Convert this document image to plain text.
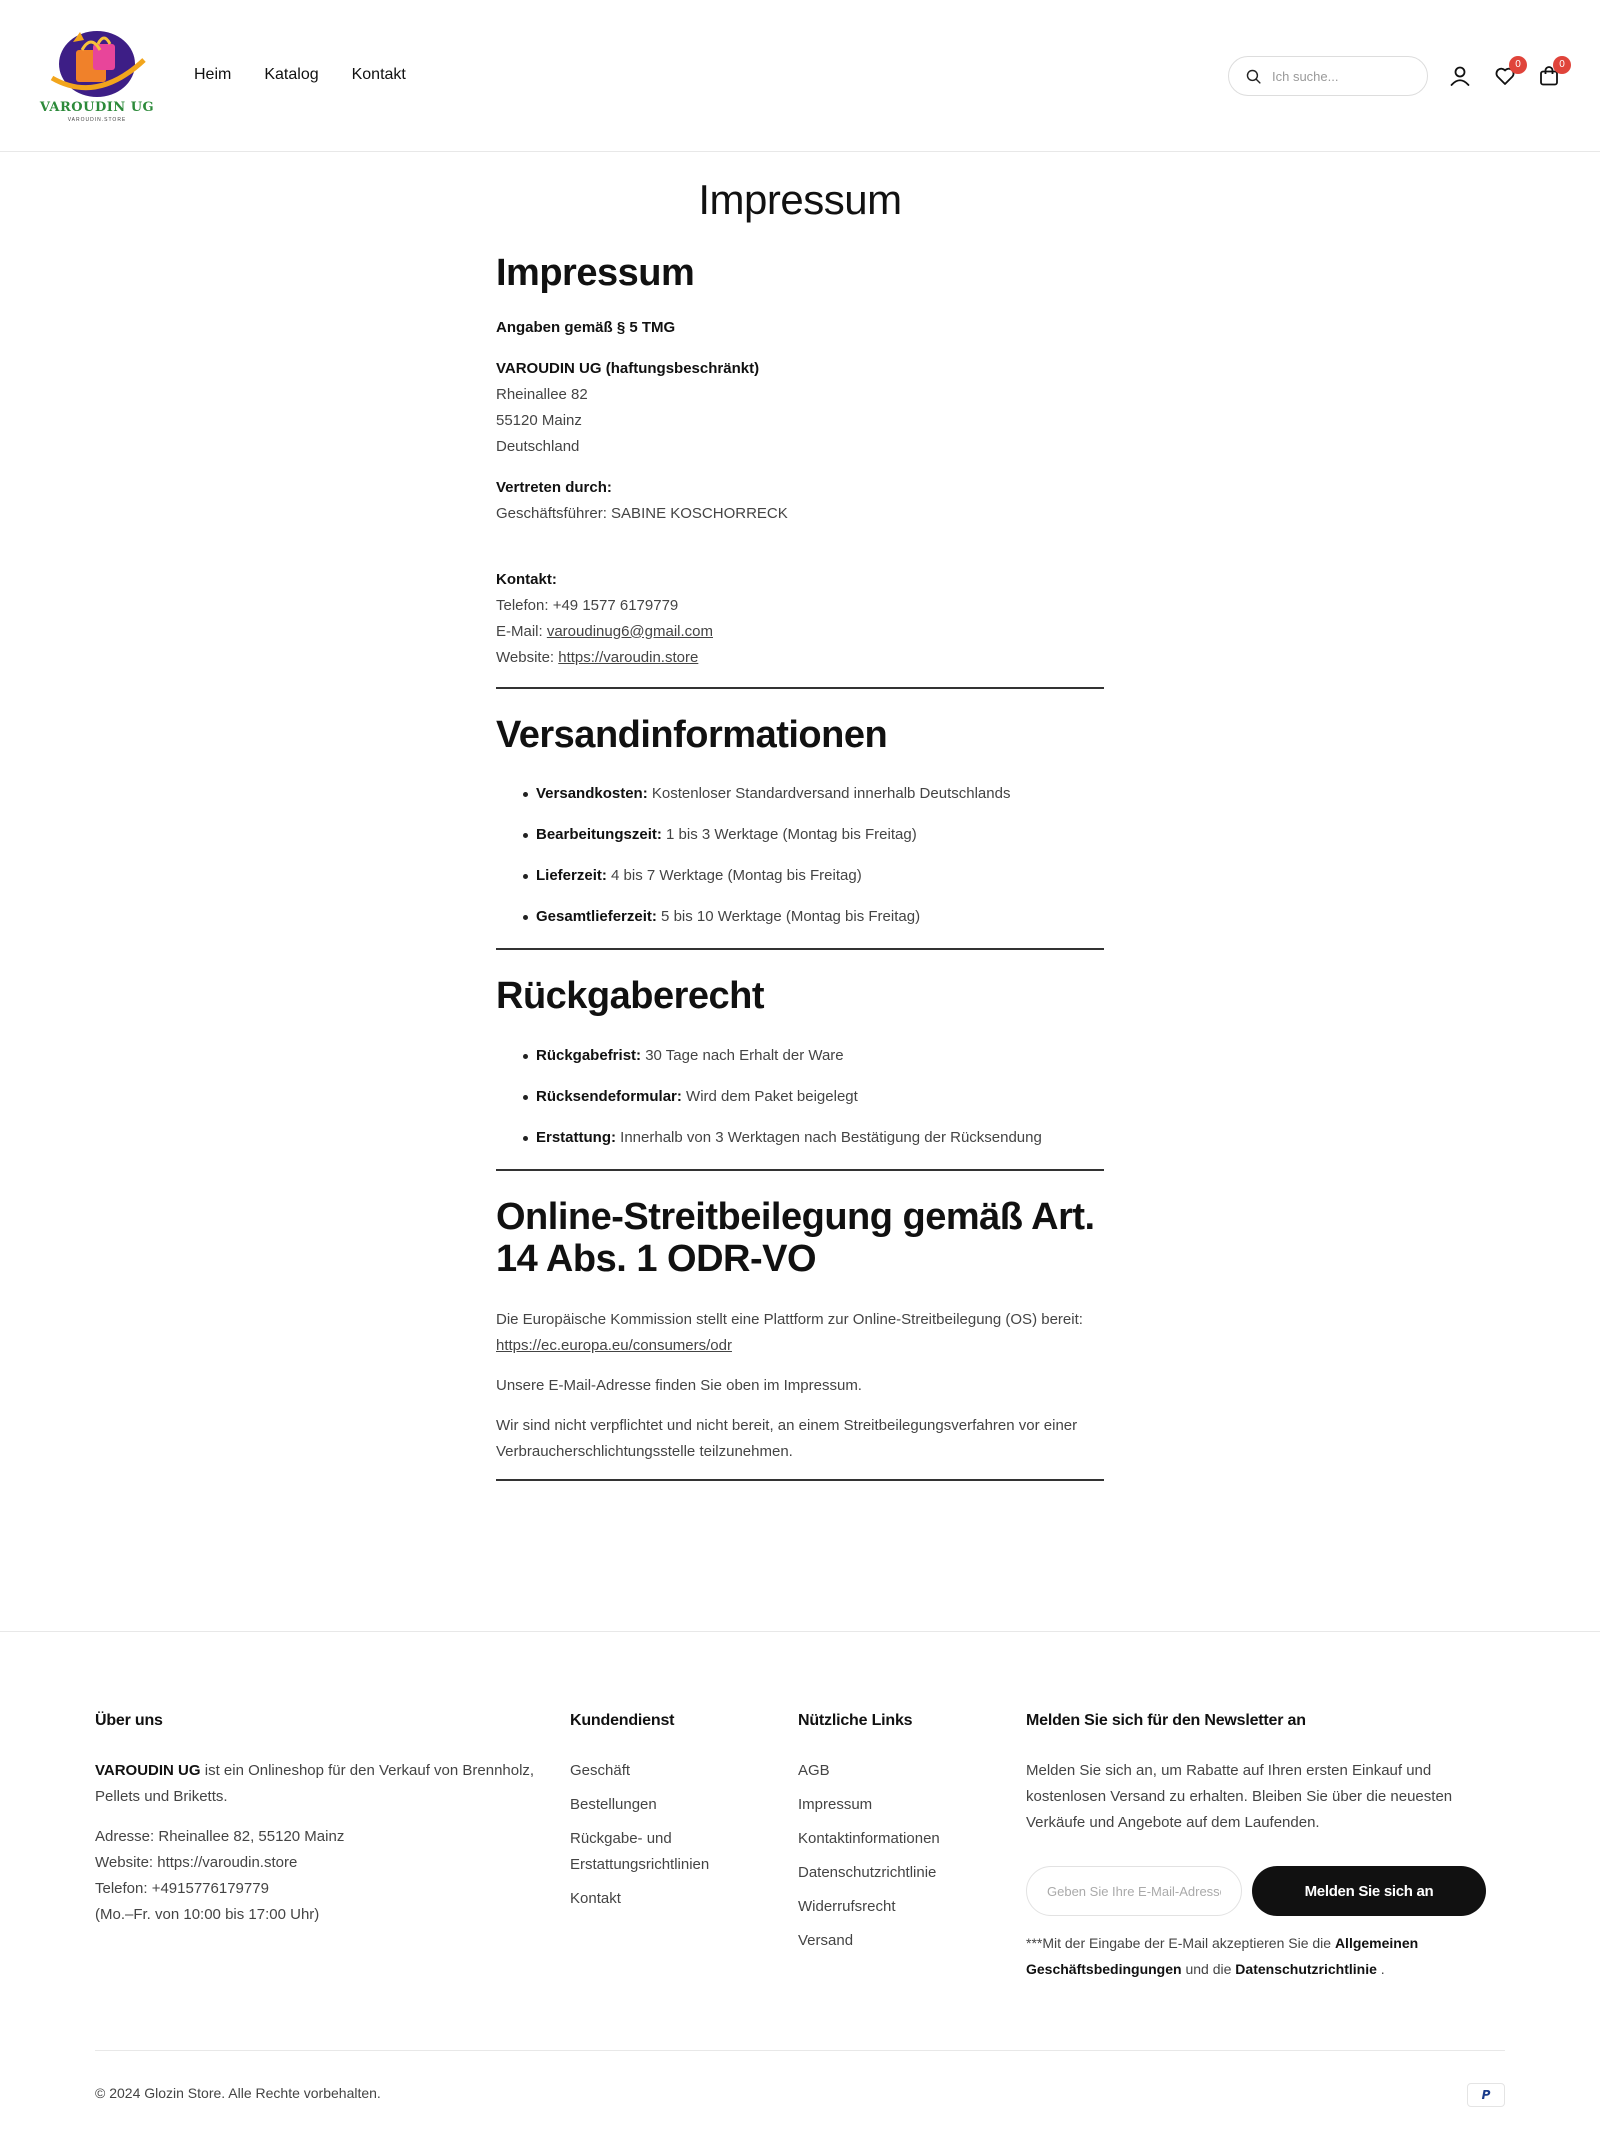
VAROUDIN UG
VAROUDIN.STORE
Heim Katalog Kontakt
Ich suche...
0	0
Impressum
Impressum

Angaben gemäß § 5 TMG

VAROUDIN UG (haftungsbeschränkt)
Rheinallee 82
55120 Mainz
Deutschland

Vertreten durch:
Geschäftsführer: SABINE KOSCHORRECK

Kontakt:
Telefon: +49 1577 6179779
E-Mail: varoudinug6@gmail.com
Website: https://varoudin.store

Versandinformationen
Versandkosten: Kostenloser Standardversand innerhalb Deutschlands
Bearbeitungszeit: 1 bis 3 Werktage (Montag bis Freitag)
Lieferzeit: 4 bis 7 Werktage (Montag bis Freitag)
Gesamtlieferzeit: 5 bis 10 Werktage (Montag bis Freitag)
Rückgaberecht
Rückgabefrist: 30 Tage nach Erhalt der Ware
Rücksendeformular: Wird dem Paket beigelegt
Erstattung: Innerhalb von 3 Werktagen nach Bestätigung der Rücksendung
Online-Streitbeilegung gemäß Art. 14 Abs. 1 ODR-VO

Die Europäische Kommission stellt eine Plattform zur Online-Streitbeilegung (OS) bereit:
https://ec.europa.eu/consumers/odr

Unsere E-Mail-Adresse finden Sie oben im Impressum.

Wir sind nicht verpflichtet und nicht bereit, an einem Streitbeilegungsverfahren vor einer Verbraucherschlichtungsstelle teilzunehmen.

Über uns

VAROUDIN UG ist ein Onlineshop für den Verkauf von Brennholz, Pellets und Briketts.

Adresse: Rheinallee 82, 55120 Mainz
Website: https://varoudin.store
Telefon: +4915776179779
(Mo.–Fr. von 10:00 bis 17:00 Uhr)

Kundendienst
Geschäft
Bestellungen
Rückgabe- und Erstattungsrichtlinien
Kontakt
Nützliche Links
AGB
Impressum
Kontaktinformationen
Datenschutzrichtlinie
Widerrufsrecht
Versand
Melden Sie sich für den Newsletter an

Melden Sie sich an, um Rabatte auf Ihren ersten Einkauf und kostenlosen Versand zu erhalten. Bleiben Sie über die neuesten Verkäufe und Angebote auf dem Laufenden.

Geben Sie Ihre E-Mail-Adresse ein
Melden Sie sich an

***Mit der Eingabe der E-Mail akzeptieren Sie die Allgemeinen Geschäftsbedingungen und die Datenschutzrichtlinie .

© 2024 Glozin Store. Alle Rechte vorbehalten.	P
